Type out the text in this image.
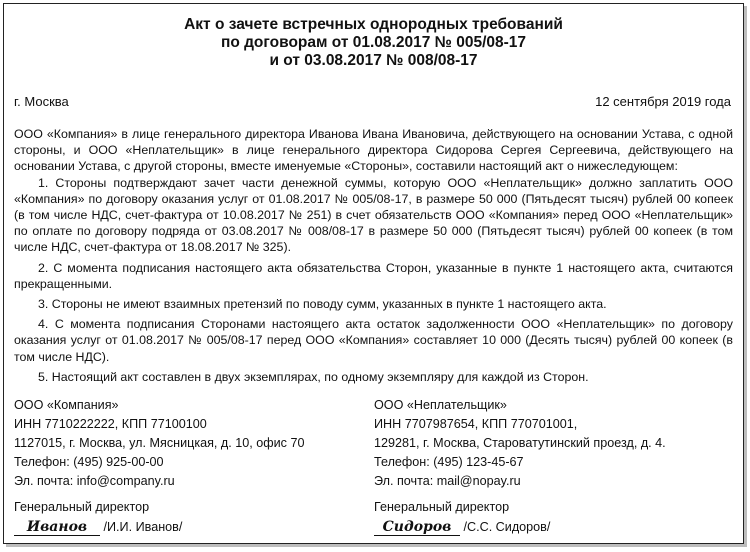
Акт о зачете встречных однородных требований
по договорам от 01.08.2017 № 005/08-17
и от 03.08.2017 № 008/08-17
г. Москва	12 сентября 2019 года

ООО «Компания» в лице генерального директора Иванова Ивана Ивановича, действующего на основании Устава, с одной стороны, и ООО «Неплательщик» в лице генерального директора Сидорова Сергея Сергеевича, действующего на основании Устава, с другой стороны, вместе именуемые «Стороны», составили настоящий акт о нижеследующем:

1. Стороны подтверждают зачет части денежной суммы, которую ООО «Неплательщик» должно заплатить ООО «Компания» по договору оказания услуг от 01.08.2017 № 005/08-17, в размере 50 000 (Пятьдесят тысяч) рублей 00 копеек (в том числе НДС, счет-фактура от 10.08.2017 № 251) в счет обязательств ООО «Компания» перед ООО «Неплательщик» по оплате по договору подряда от 03.08.2017 № 008/08-17 в размере 50 000 (Пятьдесят тысяч) рублей 00 копеек (в том числе НДС, счет-фактура от 18.08.2017 № 325).

2. С момента подписания настоящего акта обязательства Сторон, указанные в пункте 1 настоящего акта, считаются прекращенными.

3. Стороны не имеют взаимных претензий по поводу сумм, указанных в пункте 1 настоящего акта.

4. С момента подписания Сторонами настоящего акта остаток задолженности ООО «Неплательщик» по договору оказания услуг от 01.08.2017 № 005/08-17 перед ООО «Компания» составляет 10 000 (Десять тысяч) рублей 00 копеек (в том числе НДС).

5. Настоящий акт составлен в двух экземплярах, по одному экземпляру для каждой из Сторон.

ООО «Компания»
ИНН 7710222222, КПП 77100100
1127015, г. Москва, ул. Мясницкая, д. 10, офис 70
Телефон: (495) 925-00-00
Эл. почта: info@company.ru
ООО «Неплательщик»
ИНН 7707987654, КПП 770701001,
129281, г. Москва, Староватутинский проезд, д. 4.
Телефон: (495) 123-45-67
Эл. почта: mail@nopay.ru
Генеральный директор
Иванов /И.И. Иванов/
Генеральный директор
Сидоров /С.С. Сидоров/
